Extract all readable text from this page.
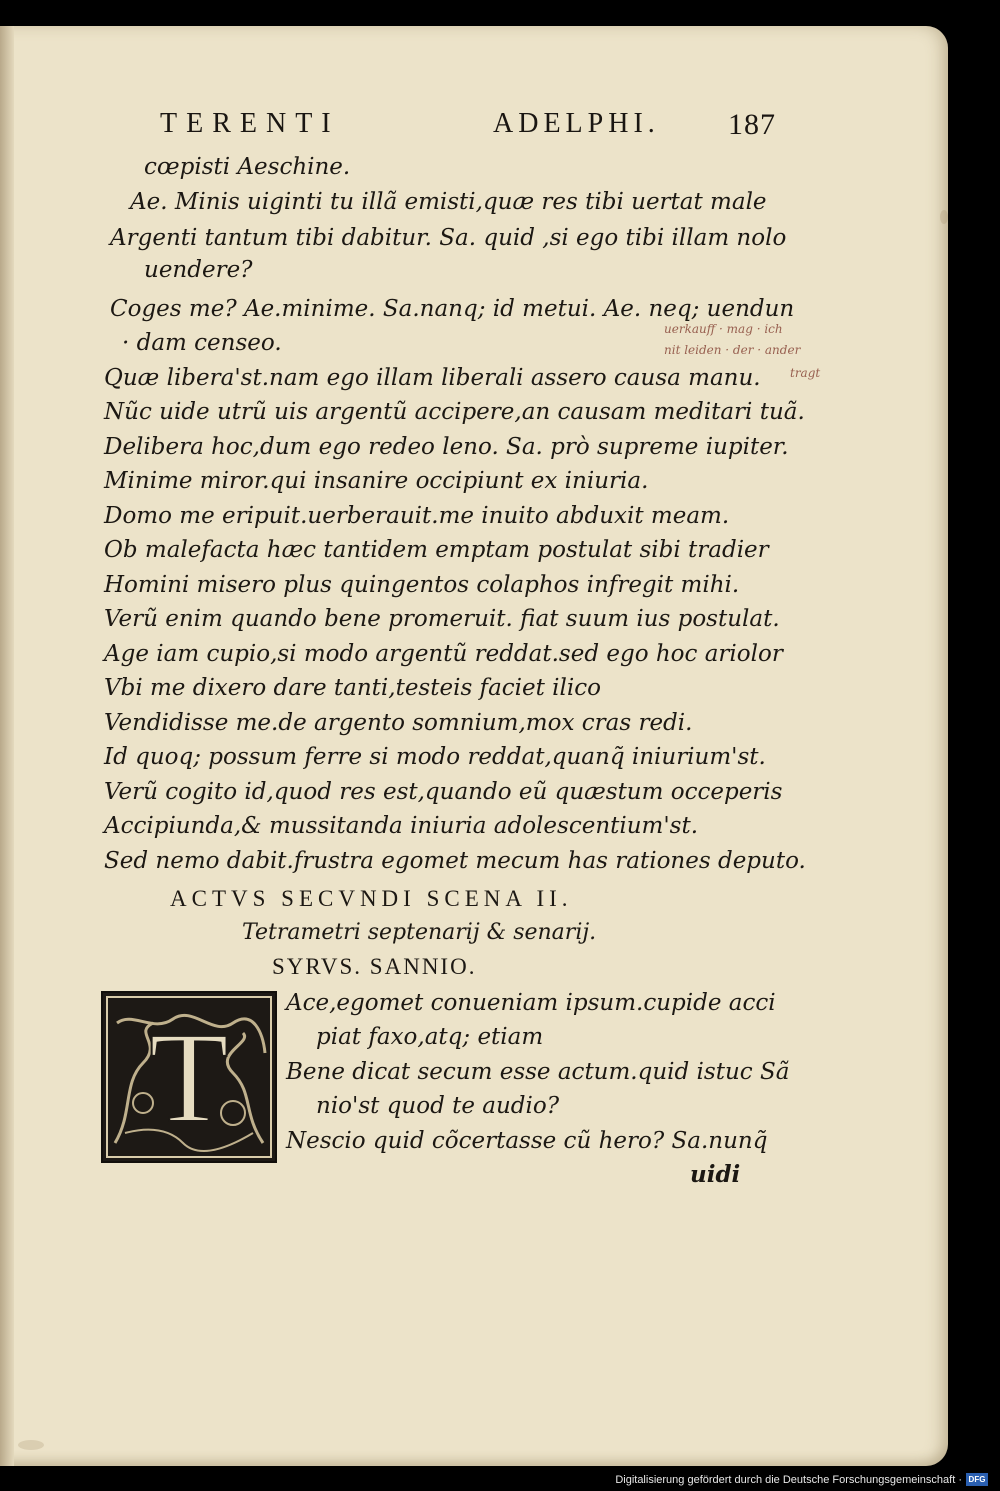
TERENTI	ADELPHI. 187
cœpisti Aeschine.
Ae. Minis uiginti tu illã emisti,quæ res tibi uertat male
Argenti tantum tibi dabitur. Sa. quid ,si ego tibi illam nolo
uendere?
Coges me? Ae.minime. Sa.nanq; id metui. Ae. neq; uendun
· dam censeo.
Quæ libera'st.nam ego illam liberali assero causa manu.
Nũc uide utrũ uis argentũ accipere,an causam meditari tuã.
Delibera hoc,dum ego redeo leno. Sa. prò supreme iupiter.
Minime miror.qui insanire occipiunt ex iniuria.
Domo me eripuit.uerberauit.me inuito abduxit meam.
Ob malefacta hæc tantidem emptam postulat sibi tradier
Homini misero plus quingentos colaphos infregit mihi.
Verũ enim quando bene promeruit. fiat suum ius postulat.
Age iam cupio,si modo argentũ reddat.sed ego hoc ariolor
Vbi me dixero dare tanti,testeis faciet ilico
Vendidisse me.de argento somnium,mox cras redi.
Id quoq; possum ferre si modo reddat,quanq̃ iniurium'st.
Verũ cogito id,quod res est,quando eũ quæstum occeperis
Accipiunda,& mussitanda iniuria adolescentium'st.
Sed nemo dabit.frustra egomet mecum has rationes deputo.
uerkauff · mag · ich
nit leiden · der · ander
tragt
ACTVS SECVNDI SCENA II.
Tetrametri septenarij & senarij.
SYRVS. SANNIO.
T
Ace,egomet conueniam ipsum.cupide acci
piat faxo,atq; etiam
Bene dicat secum esse actum.quid istuc Sã
nio'st quod te audio?
Nescio quid cõcertasse cũ hero? Sa.nunq̃
uidi
Digitalisierung gefördert durch die Deutsche Forschungsgemeinschaft · DFG
